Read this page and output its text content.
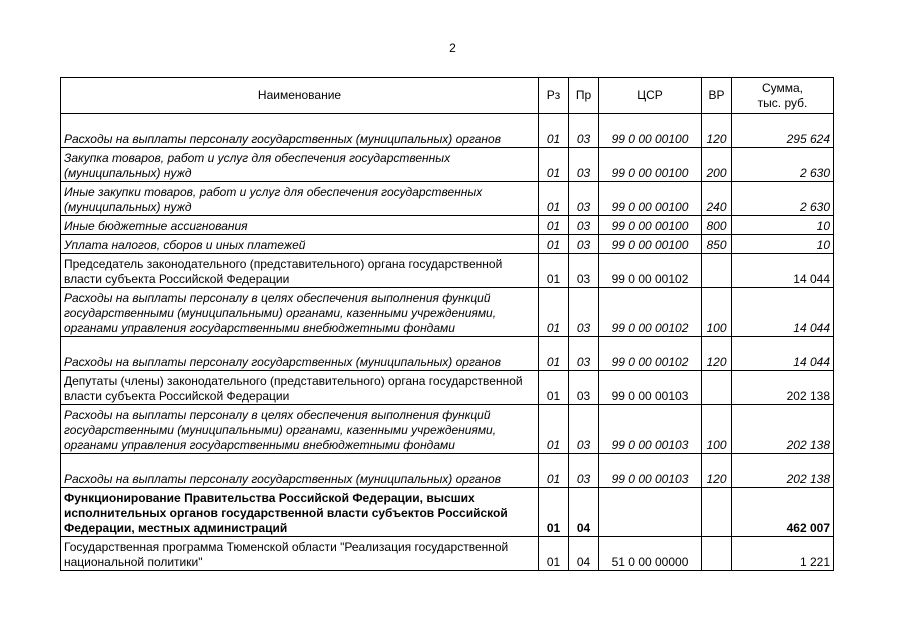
2
Наименование	Рз	Пр	ЦСР	ВР	Сумма,
тыс. руб.
Расходы на выплаты персоналу государственных (муниципальных) органов	01	03	99 0 00 00100	120	295 624
Закупка товаров, работ и услуг для обеспечения государственных (муниципальных) нужд	01	03	99 0 00 00100	200	2 630
Иные закупки товаров, работ и услуг для обеспечения государственных (муниципальных) нужд	01	03	99 0 00 00100	240	2 630
Иные бюджетные ассигнования	01	03	99 0 00 00100	800	10
Уплата налогов, сборов и иных платежей	01	03	99 0 00 00100	850	10
Председатель законодательного (представительного) органа государственной власти субъекта Российской Федерации	01	03	99 0 00 00102		14 044
Расходы на выплаты персоналу в целях обеспечения выполнения функций государственными (муниципальными) органами, казенными учреждениями, органами управления государственными внебюджетными фондами	01	03	99 0 00 00102	100	14 044
Расходы на выплаты персоналу государственных (муниципальных) органов	01	03	99 0 00 00102	120	14 044
Депутаты (члены) законодательного (представительного) органа государственной власти субъекта Российской Федерации	01	03	99 0 00 00103		202 138
Расходы на выплаты персоналу в целях обеспечения выполнения функций государственными (муниципальными) органами, казенными учреждениями, органами управления государственными внебюджетными фондами	01	03	99 0 00 00103	100	202 138
Расходы на выплаты персоналу государственных (муниципальных) органов	01	03	99 0 00 00103	120	202 138
Функционирование Правительства Российской Федерации, высших исполнительных органов государственной власти субъектов Российской Федерации, местных администраций	01	04			462 007
Государственная программа Тюменской области "Реализация государственной национальной политики"	01	04	51 0 00 00000		1 221
